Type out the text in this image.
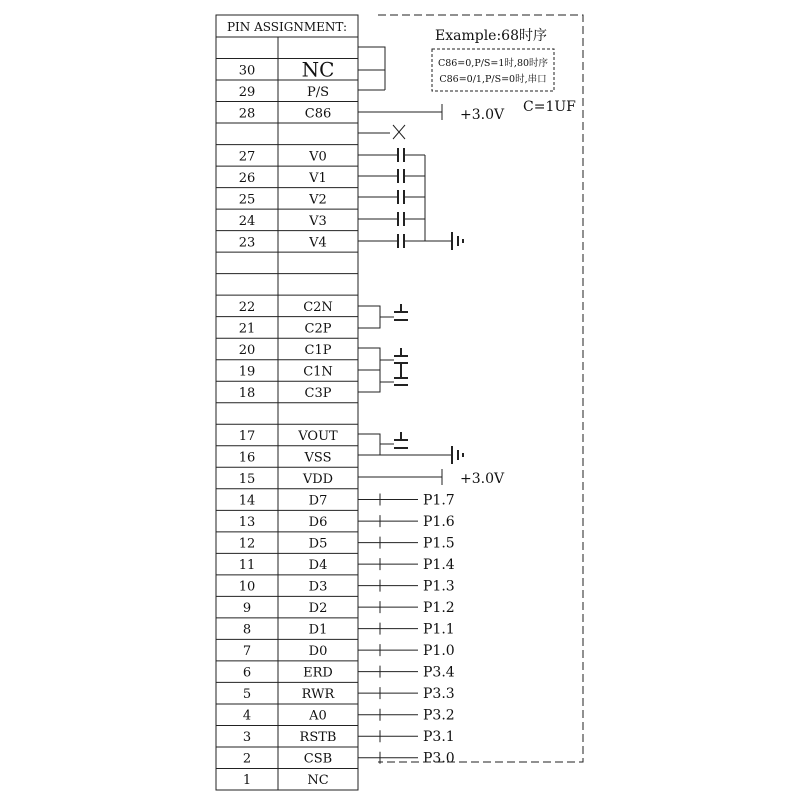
PIN ASSIGNMENT:
30 NC
29	P/S
28	C86
27	V0
26	V1
25	V2
24	V3
23	V4
22	C2N
21	C2P
20	C1P
19	C1N
18	C3P
17	VOUT
16	VSS
15	VDD
14	D7
13	D6
12	D5
11	D4
10	D3
9	D2
8	D1
7	D0
6	ERD
5	RWR
4	A0
3	RSTB
2	CSB
1	NC
Example:68时序
C86=0,P/S=1时,80时序
C86=0/1,P/S=0时,串口
C=1UF
+3.0V
+3.0V
P1.7
P1.6
P1.5
P1.4
P1.3
P1.2
P1.1
P1.0
P3.4
P3.3
P3.2
P3.1
P3.0
